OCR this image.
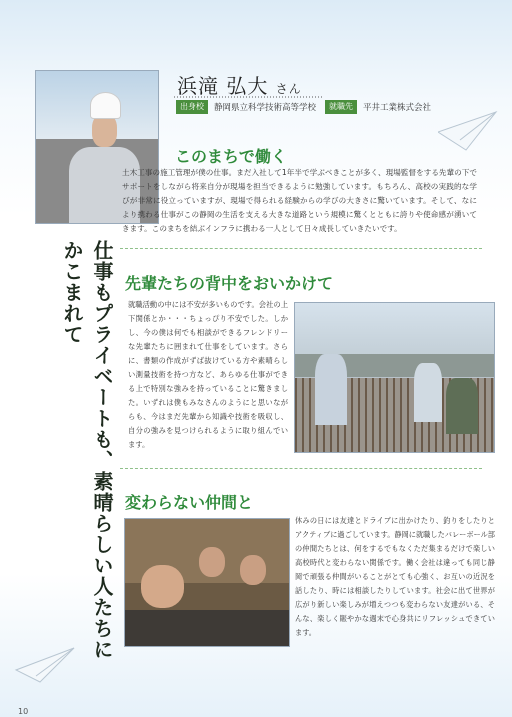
浜滝 弘大 さん
出身校	静岡県立科学技術高等学校	就職先	平井工業株式会社
このまちで働く
土木工事の施工管理が僕の仕事。まだ入社して1年半で学ぶべきことが多く、現場監督をする先輩の下でサポートをしながら将来自分が現場を担当できるように勉強しています。もちろん、高校の実践的な学びが非常に役立っていますが、現場で得られる経験からの学びの大きさに驚いています。そして、なにより携わる仕事がこの静岡の生活を支える大きな道路という規模に驚くとともに誇りや使命感が湧いてきます。このまちを結ぶインフラに携わる一人として日々成長していきたいです。
仕事もプライベートも、素晴らしい人たちにかこまれて	先輩たちの背中をおいかけて
就職活動の中には不安が多いものです。会社の上下関係とか・・・ちょっぴり不安でした。しかし、今の僕は何でも相談ができるフレンドリーな先輩たちに囲まれて仕事をしています。さらに、書類の作成がずば抜けている方や素晴らしい測量技術を持つ方など、あらゆる仕事ができる上で特別な強みを持っていることに驚きました。いずれは僕もみなさんのようにと思いながらも、今はまだ先輩から知識や技術を吸収し、自分の強みを見つけられるように取り組んでいます。
変わらない仲間と
休みの日には友達とドライブに出かけたり、釣りをしたりとアクティブに過ごしています。静岡に就職したバレーボール部の仲間たちとは、何をするでもなくただ集まるだけで楽しい高校時代と変わらない関係です。働く会社は違っても同じ静岡で頑張る仲間がいることがとても心強く、お互いの近況を話したり、時には相談したりしています。社会に出て世界が広がり新しい楽しみが増えつつも変わらない友達がいる、そんな、楽しく賑やかな週末で心身共にリフレッシュできています。
10
